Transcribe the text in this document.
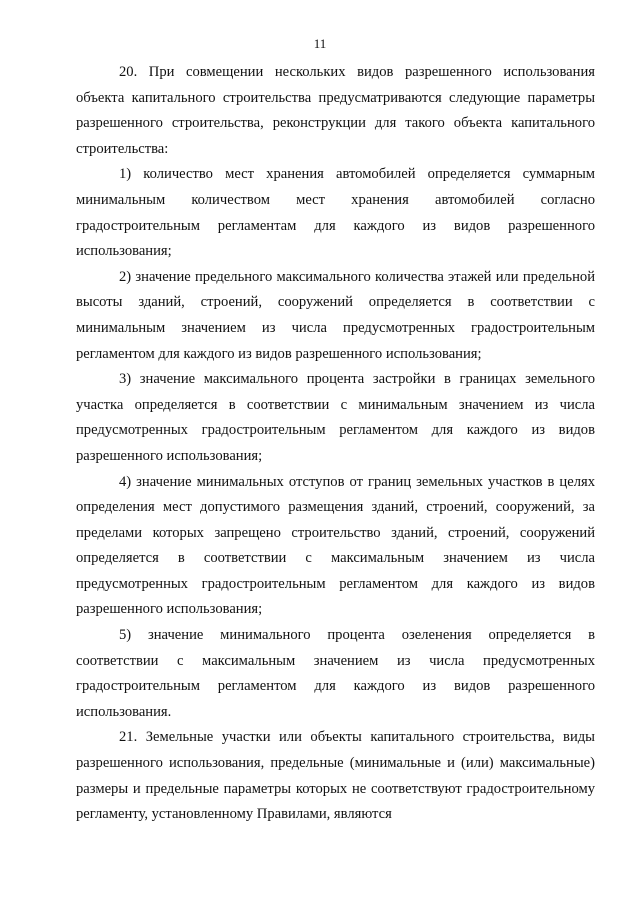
11

20. При совмещении нескольких видов разрешенного использования объекта капитального строительства предусматриваются следующие параметры разрешенного строительства, реконструкции для такого объекта капитального строительства:

1) количество мест хранения автомобилей определяется суммарным минимальным количеством мест хранения автомобилей согласно градостроительным регламентам для каждого из видов разрешенного использования;

2) значение предельного максимального количества этажей или предельной высоты зданий, строений, сооружений определяется в соответствии с минимальным значением из числа предусмотренных градостроительным регламентом для каждого из видов разрешенного использования;

3) значение максимального процента застройки в границах земельного участка определяется в соответствии с минимальным значением из числа предусмотренных градостроительным регламентом для каждого из видов разрешенного использования;

4) значение минимальных отступов от границ земельных участков в целях определения мест допустимого размещения зданий, строений, сооружений, за пределами которых запрещено строительство зданий, строений, сооружений определяется в соответствии с максимальным значением из числа предусмотренных градостроительным регламентом для каждого из видов разрешенного использования;

5) значение минимального процента озеленения определяется в соответствии с максимальным значением из числа предусмотренных градостроительным регламентом для каждого из видов разрешенного использования.

21. Земельные участки или объекты капитального строительства, виды разрешенного использования, предельные (минимальные и (или) максимальные) размеры и предельные параметры которых не соответствуют градостроительному регламенту, установленному Правилами, являются
